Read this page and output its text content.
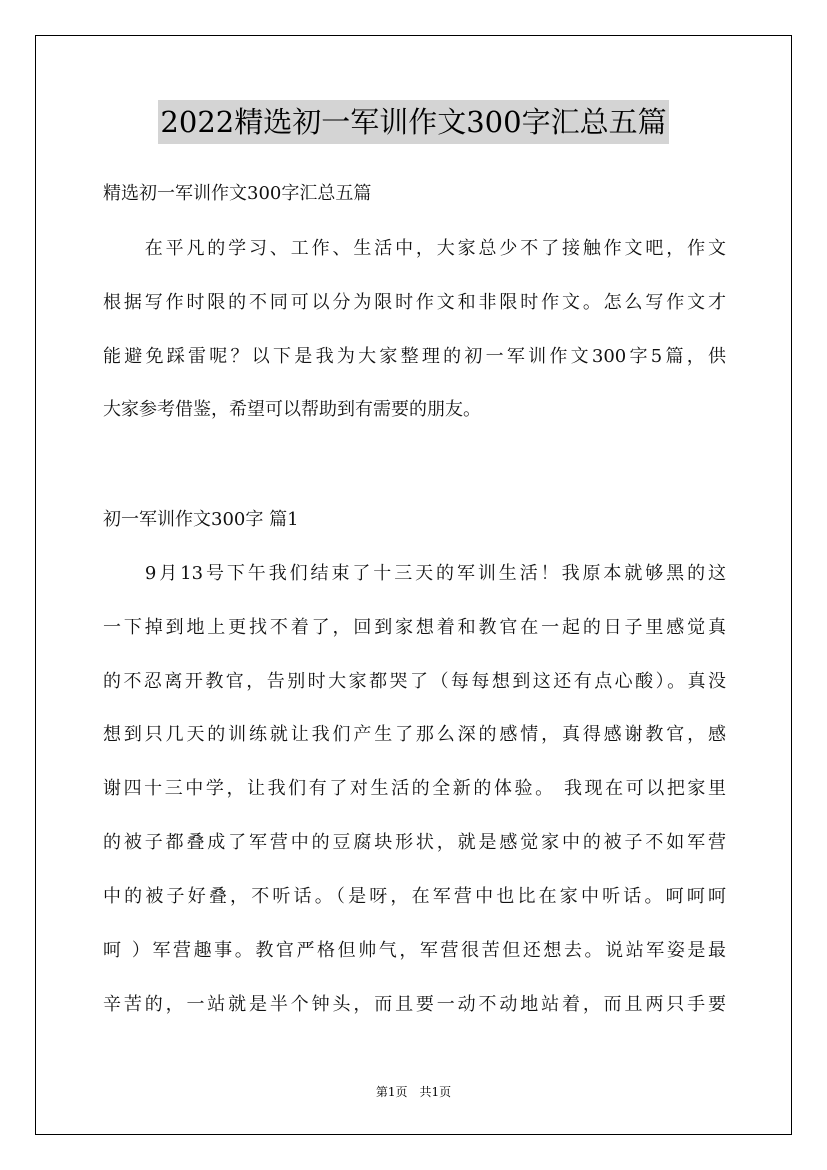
2022精选初一军训作文300字汇总五篇
精选初一军训作文300字汇总五篇
　　在平凡的学习、工作、生活中，大家总少不了接触作文吧，作文
根据写作时限的不同可以分为限时作文和非限时作文。怎么写作文才
能避免踩雷呢？以下是我为大家整理的初一军训作文300字5篇，供
大家参考借鉴，希望可以帮助到有需要的朋友。
初一军训作文300字 篇1
　　9月13号下午我们结束了十三天的军训生活！我原本就够黑的这
一下掉到地上更找不着了，回到家想着和教官在一起的日子里感觉真
的不忍离开教官，告别时大家都哭了（每每想到这还有点心酸）。真没
想到只几天的训练就让我们产生了那么深的感情，真得感谢教官，感
谢四十三中学，让我们有了对生活的全新的体验。 我现在可以把家里
的被子都叠成了军营中的豆腐块形状，就是感觉家中的被子不如军营
中的被子好叠，不听话。（是呀，在军营中也比在家中听话。呵呵呵
呵 ）军营趣事。教官严格但帅气，军营很苦但还想去。说站军姿是最
辛苦的，一站就是半个钟头，而且要一动不动地站着，而且两只手要
第1页　共1页
